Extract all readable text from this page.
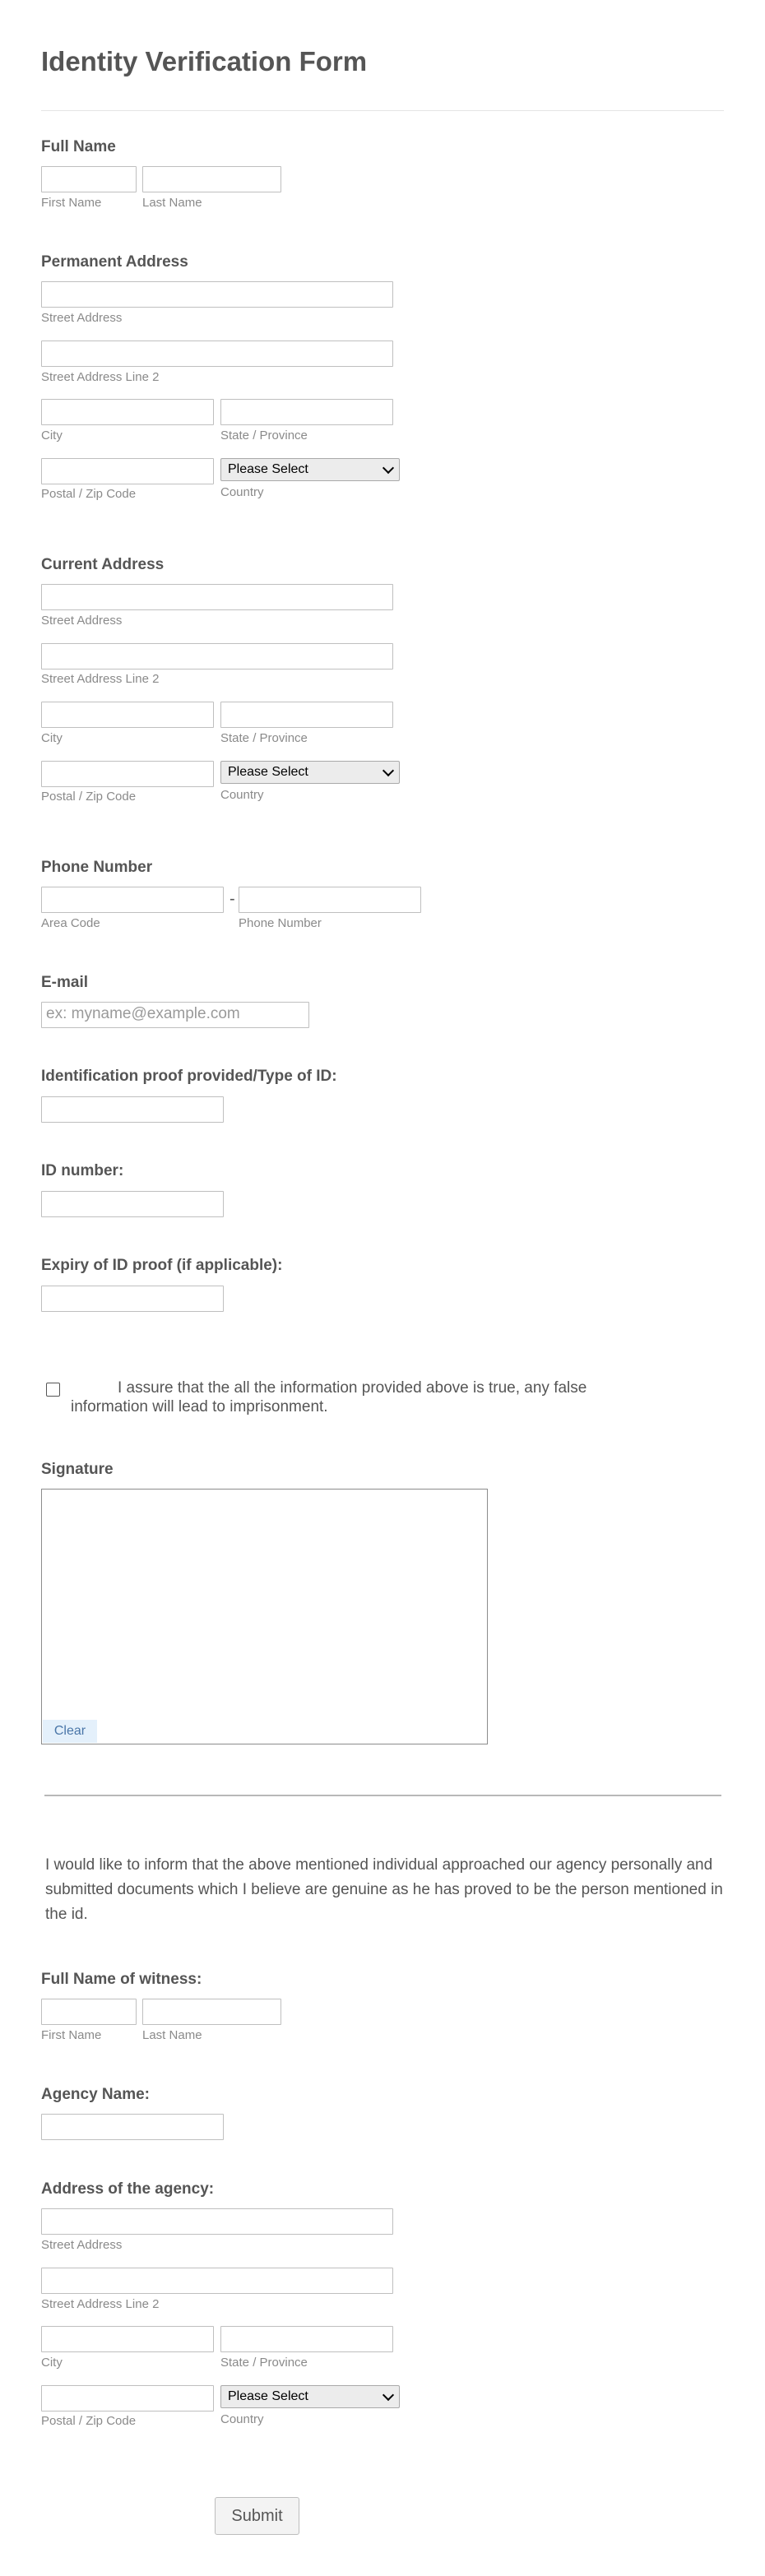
Identity Verification Form
Full Name
First Name	Last Name
Permanent Address
Street Address
Street Address Line 2
City	State / Province
Please Select
Postal / Zip Code	Country
Current Address
Street Address
Street Address Line 2
City	State / Province
Please Select
Postal / Zip Code	Country
Phone Number
-
Area Code	Phone Number
E-mail
ex: myname@example.com
Identification proof provided/Type of ID:
ID number:
Expiry of ID proof (if applicable):
I assure that the all the information provided above is true, any false information will lead to imprisonment.
Signature
Clear
I would like to inform that the above mentioned individual approached our agency personally and submitted documents which I believe are genuine as he has proved to be the person mentioned in the id.
Full Name of witness:
First Name	Last Name
Agency Name:
Address of the agency:
Street Address
Street Address Line 2
City	State / Province
Please Select
Postal / Zip Code	Country
Submit
